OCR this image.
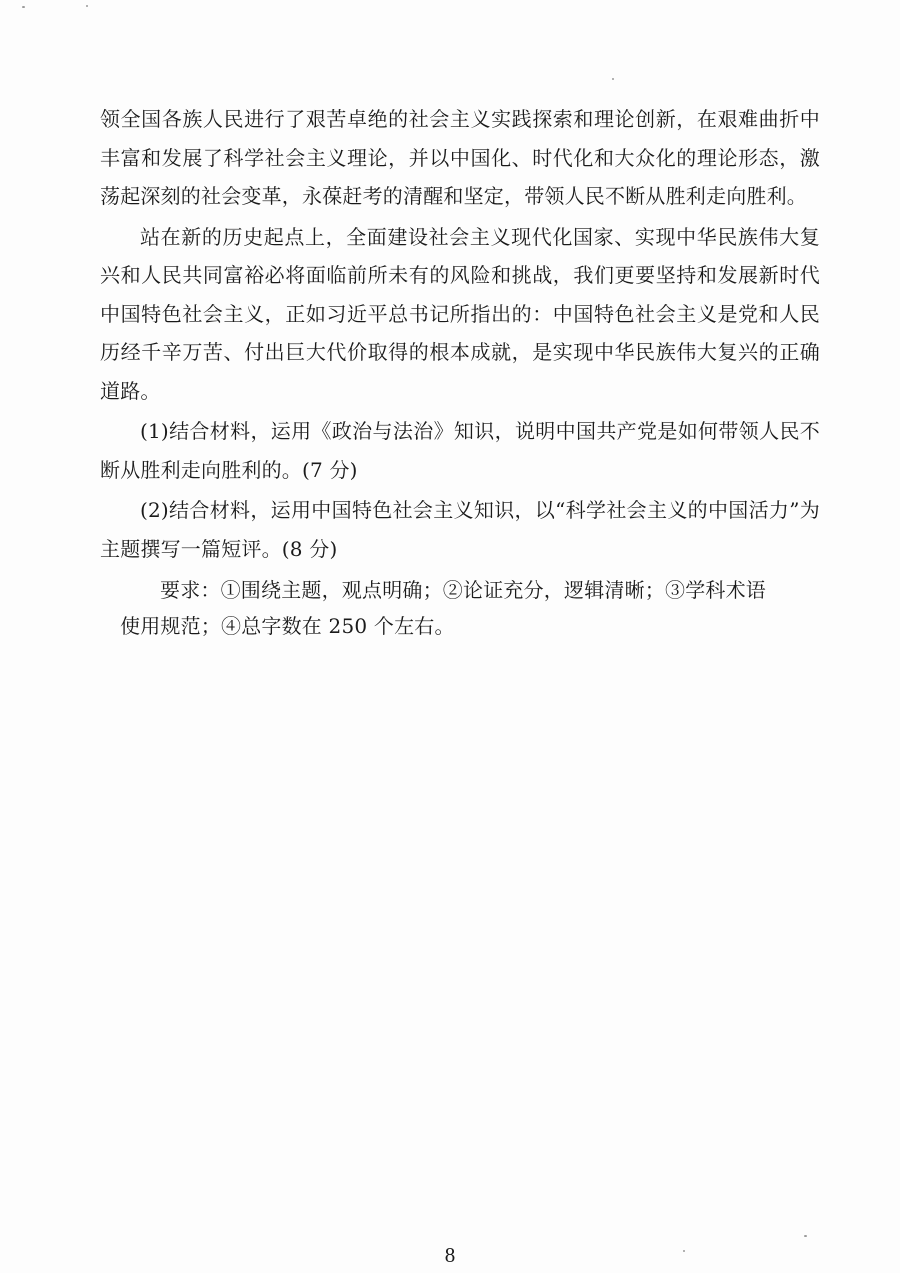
领全国各族人民进行了艰苦卓绝的社会主义实践探索和理论创新，在艰难曲折中丰富和发展了科学社会主义理论，并以中国化、时代化和大众化的理论形态，激荡起深刻的社会变革，永葆赶考的清醒和坚定，带领人民不断从胜利走向胜利。

站在新的历史起点上，全面建设社会主义现代化国家、实现中华民族伟大复兴和人民共同富裕必将面临前所未有的风险和挑战，我们更要坚持和发展新时代中国特色社会主义，正如习近平总书记所指出的：中国特色社会主义是党和人民历经千辛万苦、付出巨大代价取得的根本成就，是实现中华民族伟大复兴的正确道路。

(1)结合材料，运用《政治与法治》知识，说明中国共产党是如何带领人民不断从胜利走向胜利的。(7 分)

(2)结合材料，运用中国特色社会主义知识，以“科学社会主义的中国活力”为主题撰写一篇短评。(8 分)

要求：①围绕主题，观点明确；②论证充分，逻辑清晰；③学科术语
使用规范；④总字数在 250 个左右。
8
